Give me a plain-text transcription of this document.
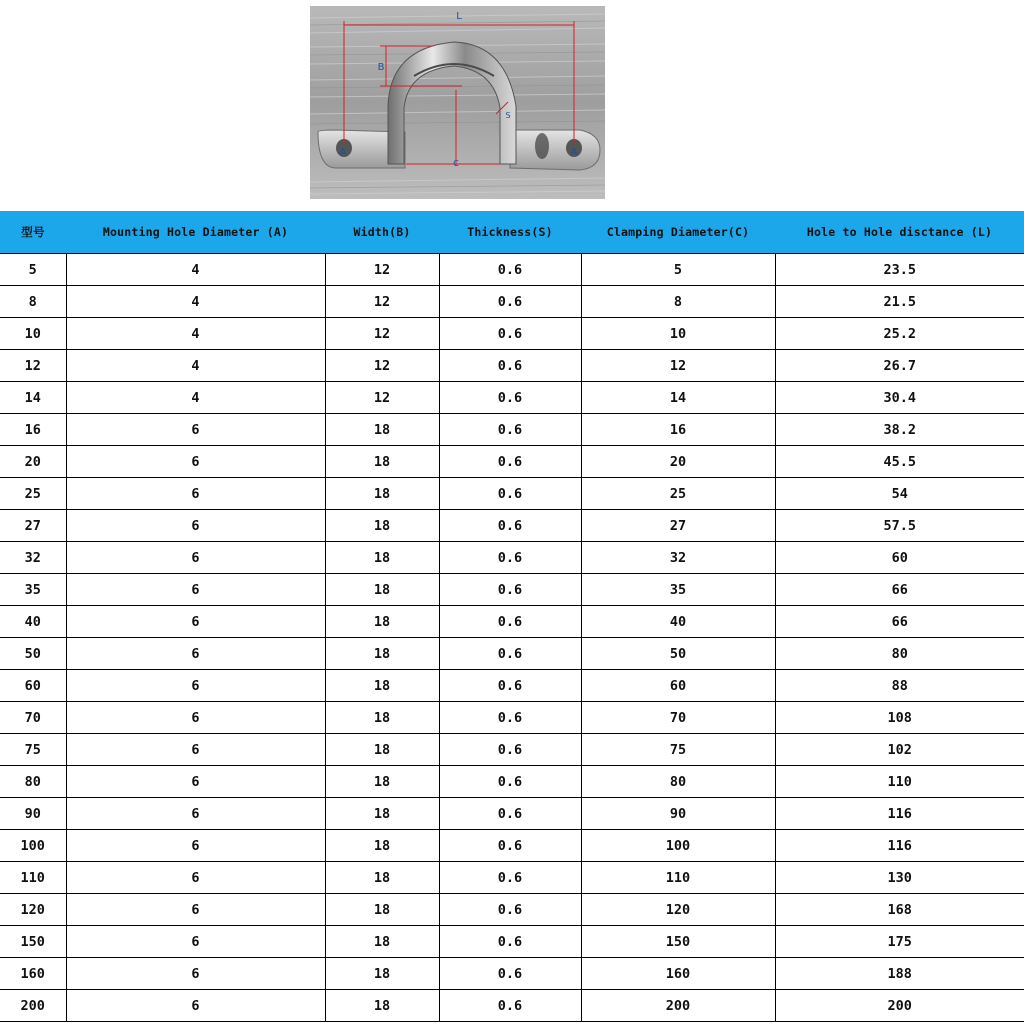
L
B
A	A
C
S
型号	Mounting Hole Diameter (A)	Width(B)	Thickness(S)	Clamping Diameter(C)	Hole to Hole disctance (L)
5	4	12	0.6	5	23.5
8	4	12	0.6	8	21.5
10	4	12	0.6	10	25.2
12	4	12	0.6	12	26.7
14	4	12	0.6	14	30.4
16	6	18	0.6	16	38.2
20	6	18	0.6	20	45.5
25	6	18	0.6	25	54
27	6	18	0.6	27	57.5
32	6	18	0.6	32	60
35	6	18	0.6	35	66
40	6	18	0.6	40	66
50	6	18	0.6	50	80
60	6	18	0.6	60	88
70	6	18	0.6	70	108
75	6	18	0.6	75	102
80	6	18	0.6	80	110
90	6	18	0.6	90	116
100	6	18	0.6	100	116
110	6	18	0.6	110	130
120	6	18	0.6	120	168
150	6	18	0.6	150	175
160	6	18	0.6	160	188
200	6	18	0.6	200	200
